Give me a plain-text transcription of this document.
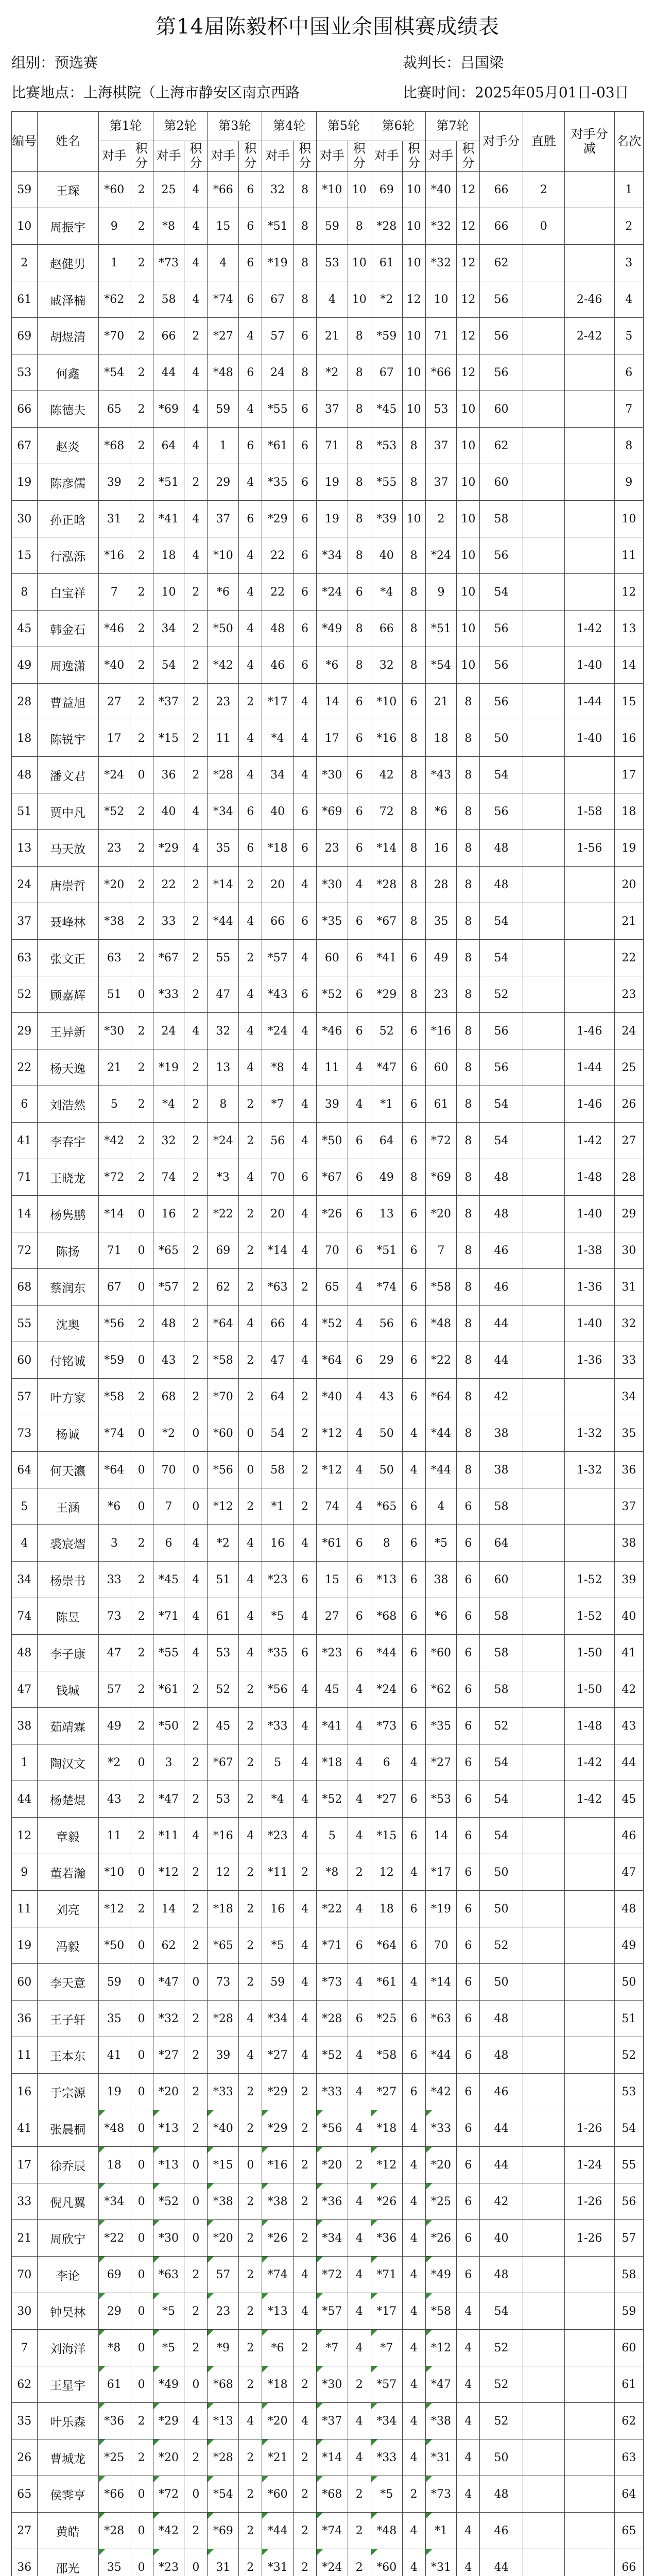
第14届陈毅杯中国业余围棋赛成绩表
组别：预选赛	裁判长：吕国梁
比赛地点：上海棋院（上海市静安区南京西路	比赛时间：2025年05月01日-03日
编号	姓名	第1轮		第2轮		第3轮		第4轮		第5轮		第6轮		第7轮		对手分	直胜	对手分减	名次
		对手	积分	对手	积分	对手	积分	对手	积分	对手	积分	对手	积分	对手	积分				
59	王琛	*60	2	25	4	*66	6	32	8	*10	10	69	10	*40	12	66	2		1
10	周振宇	9	2	*8	4	15	6	*51	8	59	8	*28	10	*32	12	66	0		2
2	赵健男	1	2	*73	4	4	6	*19	8	53	10	61	10	*32	12	62			3
61	戚泽楠	*62	2	58	4	*74	6	67	8	4	10	*2	12	10	12	56		2-46	4
69	胡煜清	*70	2	66	2	*27	4	57	6	21	8	*59	10	71	12	56		2-42	5
53	何鑫	*54	2	44	4	*48	6	24	8	*2	8	67	10	*66	12	56			6
66	陈德夫	65	2	*69	4	59	4	*55	6	37	8	*45	10	53	10	60			7
67	赵炎	*68	2	64	4	1	6	*61	6	71	8	*53	8	37	10	62			8
19	陈彦儒	39	2	*51	2	29	4	*35	6	19	8	*55	8	37	10	60			9
30	孙正晗	31	2	*41	4	37	6	*29	6	19	8	*39	10	2	10	58			10
15	行泓泺	*16	2	18	4	*10	4	22	6	*34	8	40	8	*24	10	56			11
8	白宝祥	7	2	10	2	*6	4	22	6	*24	6	*4	8	9	10	54			12
45	韩金石	*46	2	34	2	*50	4	48	6	*49	8	66	8	*51	10	56		1-42	13
49	周逸潇	*40	2	54	2	*42	4	46	6	*6	8	32	8	*54	10	56		1-40	14
28	曹益旭	27	2	*37	2	23	2	*17	4	14	6	*10	6	21	8	56		1-44	15
18	陈锐宇	17	2	*15	2	11	4	*4	4	17	6	*16	8	18	8	50		1-40	16
48	潘文君	*24	0	36	2	*28	4	34	4	*30	6	42	8	*43	8	54			17
51	贾中凡	*52	2	40	4	*34	6	40	6	*69	6	72	8	*6	8	56		1-58	18
13	马天放	23	2	*29	4	35	6	*18	6	23	6	*14	8	16	8	48		1-56	19
24	唐崇哲	*20	2	22	2	*14	2	20	4	*30	4	*28	8	28	8	48			20
37	聂峰林	*38	2	33	2	*44	4	66	6	*35	6	*67	8	35	8	54			21
63	张文正	63	2	*67	2	55	2	*57	4	60	6	*41	6	49	8	54			22
52	顾嘉辉	51	0	*33	2	47	4	*43	6	*52	6	*29	8	23	8	52			23
29	王异新	*30	2	24	4	32	4	*24	4	*46	6	52	6	*16	8	56		1-46	24
22	杨天逸	21	2	*19	2	13	4	*8	4	11	4	*47	6	60	8	56		1-44	25
6	刘浩然	5	2	*4	2	8	2	*7	4	39	4	*1	6	61	8	54		1-46	26
41	李春宇	*42	2	32	2	*24	2	56	4	*50	6	64	6	*72	8	54		1-42	27
71	王晓龙	*72	2	74	2	*3	4	70	6	*67	6	49	8	*69	8	48		1-48	28
14	杨隽鹏	*14	0	16	2	*22	2	20	4	*26	6	13	6	*20	8	48		1-40	29
72	陈扬	71	0	*65	2	69	2	*14	4	70	6	*51	6	7	8	46		1-38	30
68	蔡润东	67	0	*57	2	62	2	*63	2	65	4	*74	6	*58	8	46		1-36	31
55	沈奥	*56	2	48	2	*64	4	66	4	*52	4	56	6	*48	8	44		1-40	32
60	付铭诚	*59	0	43	2	*58	2	47	4	*64	6	29	6	*22	8	44		1-36	33
57	叶方家	*58	2	68	2	*70	2	64	2	*40	4	43	6	*64	8	42			34
73	杨诚	*74	0	*2	0	*60	0	54	2	*12	4	50	4	*44	8	38		1-32	35
64	何天瀛	*64	0	70	0	*56	0	58	2	*12	4	50	4	*44	8	38		1-32	36
5	王涵	*6	0	7	0	*12	2	*1	2	74	4	*65	6	4	6	58			37
4	裘宸熠	3	2	6	4	*2	4	16	4	*61	6	8	6	*5	6	64			38
34	杨崇书	33	2	*45	4	51	4	*23	6	15	6	*13	6	38	6	60		1-52	39
74	陈昱	73	2	*71	4	61	4	*5	4	27	6	*68	6	*6	6	58		1-52	40
48	李子康	47	2	*55	4	53	4	*35	6	*23	6	*44	6	*60	6	58		1-50	41
47	钱城	57	2	*61	2	52	2	*56	4	45	4	*24	6	*62	6	58		1-50	42
38	茹靖霖	49	2	*50	2	45	2	*33	4	*41	4	*73	6	*35	6	52		1-48	43
1	陶汉文	*2	0	3	2	*67	2	5	4	*18	4	6	4	*27	6	54		1-42	44
44	杨楚焜	43	2	*47	2	53	2	*4	4	*52	4	*27	6	*53	6	54		1-42	45
12	章毅	11	2	*11	4	*16	4	*23	4	5	4	*15	6	14	6	54			46
9	董若瀚	*10	0	*12	2	12	2	*11	2	*8	2	12	4	*17	6	50			47
11	刘亮	*12	2	14	2	*18	2	16	4	*22	4	18	6	*19	6	50			48
19	冯毅	*50	0	62	2	*65	2	*5	4	*71	6	*64	6	70	6	52			49
60	李天意	59	0	*47	0	73	2	59	4	*73	4	*61	4	*14	6	50			50
36	王子轩	35	0	*32	2	*28	4	*34	4	*28	6	*25	6	*63	6	48			51
11	王本东	41	0	*27	2	39	4	*27	4	*52	4	*58	6	*44	6	48			52
16	于宗源	19	0	*20	2	*33	2	*29	2	*33	4	*27	6	*42	6	46			53
41	张晨桐	*48	0	*13	2	*40	2	*29	2	*56	4	*18	4	*33	6	44		1-26	54
17	徐乔辰	18	0	*13	0	*15	0	*16	2	*20	2	*12	4	*20	6	44		1-24	55
33	倪凡翼	*34	0	*52	0	*38	2	*38	2	*36	4	*26	4	*25	6	42		1-26	56
21	周欣宁	*22	0	*30	0	*20	2	*26	2	*34	4	*36	4	*26	6	40		1-26	57
70	李论	69	0	*63	2	57	2	*74	4	*72	4	*71	4	*49	6	48			58
30	钟昊林	29	0	*5	2	23	2	*13	4	*57	4	*17	4	*58	4	54			59
7	刘海洋	*8	0	*5	2	*9	2	*6	2	*7	4	*7	4	*12	4	52			60
62	王星宇	61	0	*49	0	*68	2	*18	2	*30	2	*57	4	*47	4	52			61
35	叶乐森	*36	2	*29	4	*13	4	*20	4	*37	4	*34	4	*38	4	52			62
26	曹城龙	*25	2	*20	2	*28	2	*21	2	*14	4	*33	4	*31	4	50			63
65	侯霁亨	*66	0	*72	0	*54	2	*60	2	*68	2	*5	2	*73	4	48			64
27	黄皓	*28	0	*42	2	*69	2	*44	2	*74	2	*48	4	*1	4	46			65
36	邵光	35	0	*23	0	31	2	*31	2	*24	2	*60	4	*31	4	44			66
